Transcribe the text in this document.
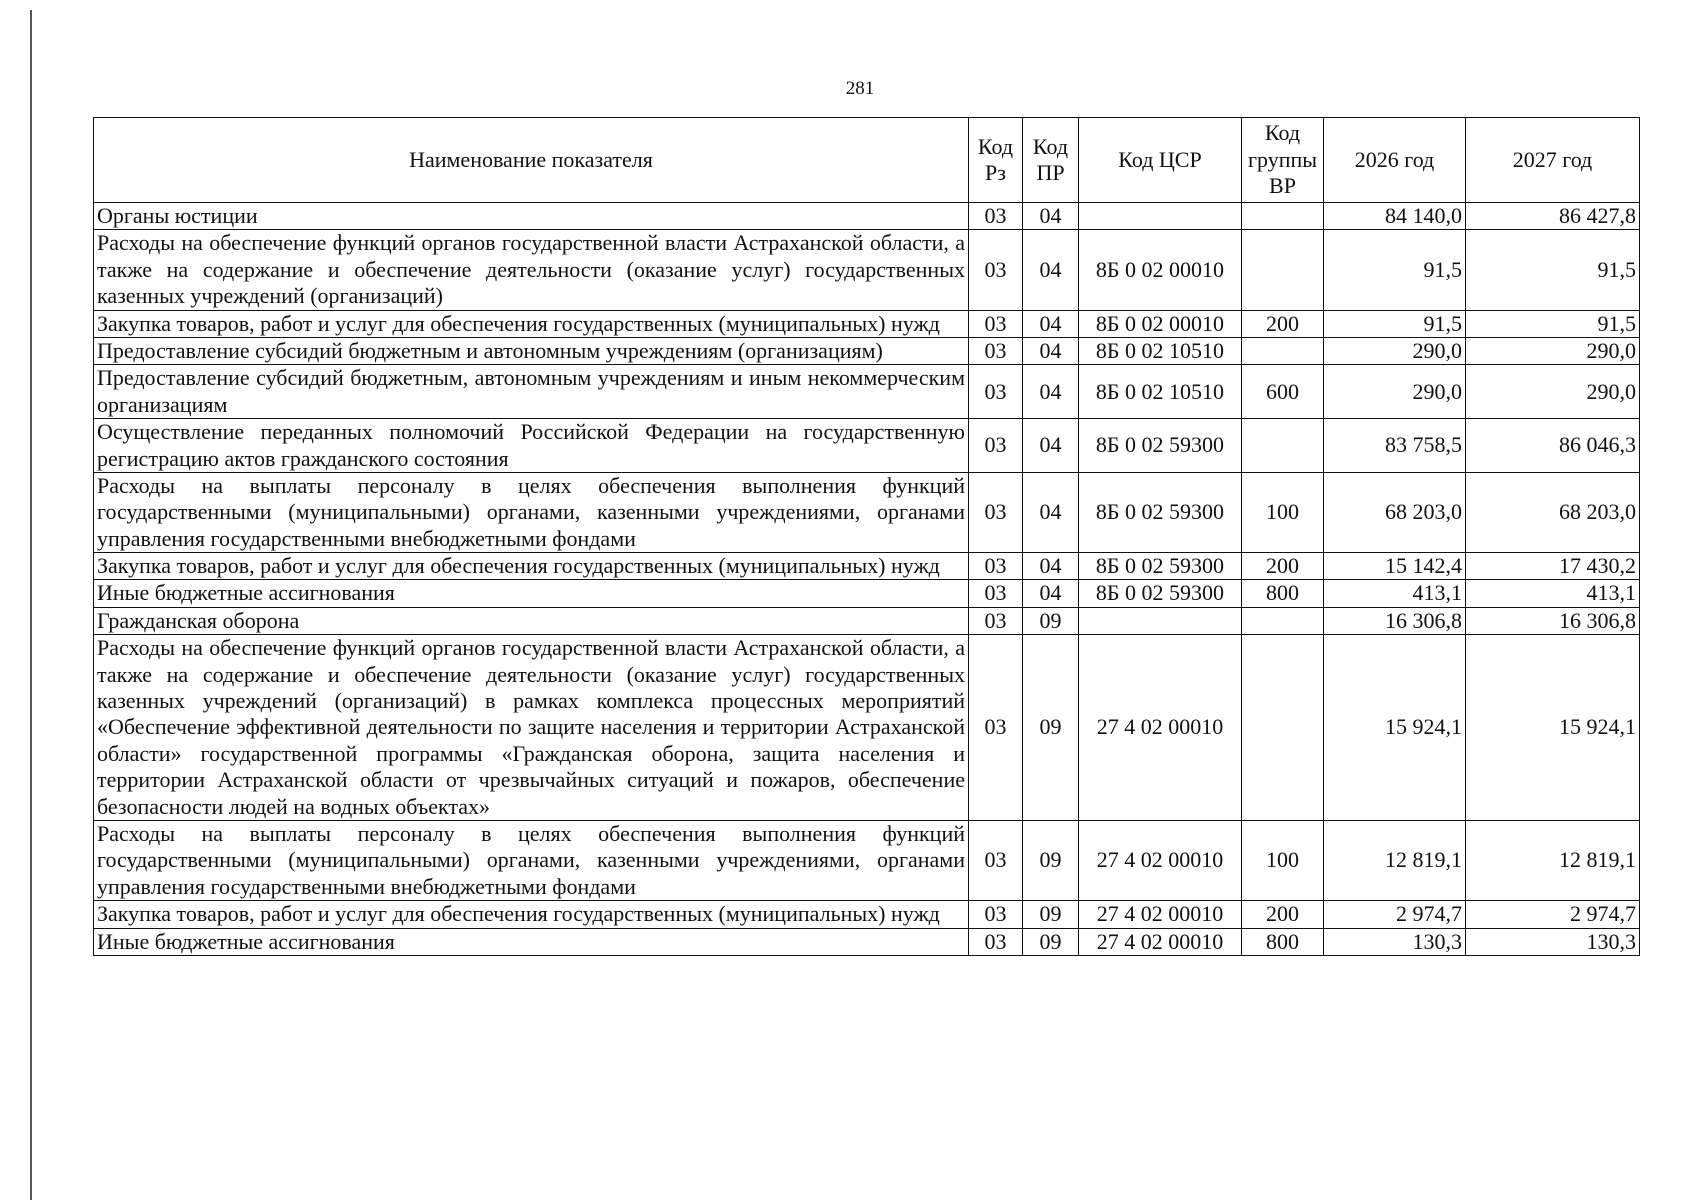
281
Наименование показателя	Код Рз	Код ПР	Код ЦСР	Код группы ВР	2026 год	2027 год
Органы юстиции	03	04			84 140,0	86 427,8
Расходы на обеспечение функций органов государственной власти Астраханской области, а также на содержание и обеспечение деятельности (оказание услуг) государственных казенных учреждений (организаций)	03	04	8Б 0 02 00010		91,5	91,5
Закупка товаров, работ и услуг для обеспечения государственных (муниципальных) нужд	03	04	8Б 0 02 00010	200	91,5	91,5
Предоставление субсидий бюджетным и автономным учреждениям (организациям)	03	04	8Б 0 02 10510		290,0	290,0
Предоставление субсидий бюджетным, автономным учреждениям и иным некоммерческим организациям	03	04	8Б 0 02 10510	600	290,0	290,0
Осуществление переданных полномочий Российской Федерации на государственную регистрацию актов гражданского состояния	03	04	8Б 0 02 59300		83 758,5	86 046,3
Расходы на выплаты персоналу в целях обеспечения выполнения функций государственными (муниципальными) органами, казенными учреждениями, органами управления государственными внебюджетными фондами	03	04	8Б 0 02 59300	100	68 203,0	68 203,0
Закупка товаров, работ и услуг для обеспечения государственных (муниципальных) нужд	03	04	8Б 0 02 59300	200	15 142,4	17 430,2
Иные бюджетные ассигнования	03	04	8Б 0 02 59300	800	413,1	413,1
Гражданская оборона	03	09			16 306,8	16 306,8
Расходы на обеспечение функций органов государственной власти Астраханской области, а также на содержание и обеспечение деятельности (оказание услуг) государственных казенных учреждений (организаций) в рамках комплекса процессных мероприятий «Обеспечение эффективной деятельности по защите населения и территории Астраханской области» государственной программы «Гражданская оборона, защита населения и территории Астраханской области от чрезвычайных ситуаций и пожаров, обеспечение безопасности людей на водных объектах»	03	09	27 4 02 00010		15 924,1	15 924,1
Расходы на выплаты персоналу в целях обеспечения выполнения функций государственными (муниципальными) органами, казенными учреждениями, органами управления государственными внебюджетными фондами	03	09	27 4 02 00010	100	12 819,1	12 819,1
Закупка товаров, работ и услуг для обеспечения государственных (муниципальных) нужд	03	09	27 4 02 00010	200	2 974,7	2 974,7
Иные бюджетные ассигнования	03	09	27 4 02 00010	800	130,3	130,3
